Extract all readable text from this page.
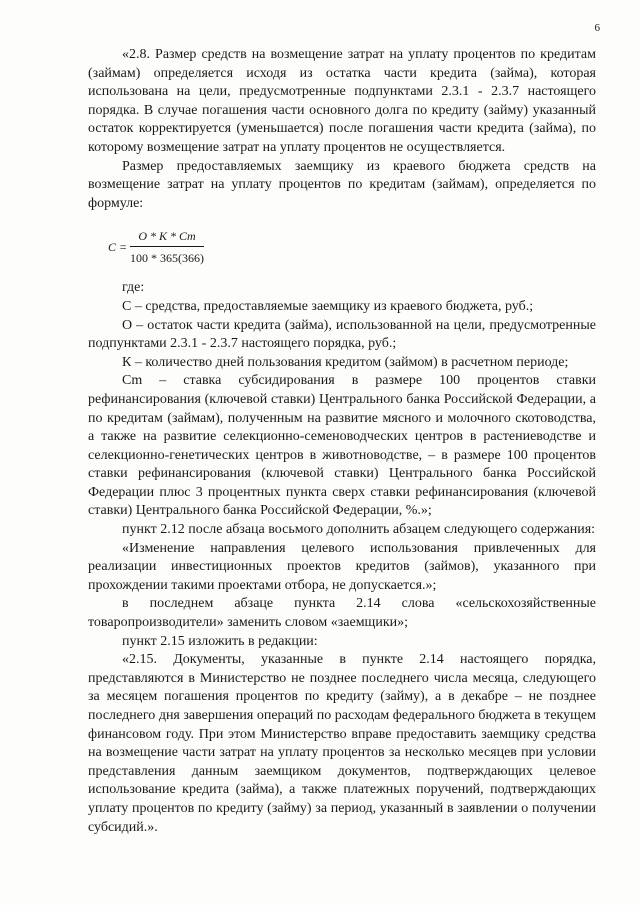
6

«2.8. Размер средств на возмещение затрат на уплату процентов по кредитам (займам) определяется исходя из остатка части кредита (займа), которая использована на цели, предусмотренные подпунктами 2.3.1 - 2.3.7 настоящего порядка. В случае погашения части основного долга по кредиту (займу) указанный остаток корректируется (уменьшается) после погашения части кредита (займа), по которому возмещение затрат на уплату процентов не осуществляется.

Размер предоставляемых заемщику из краевого бюджета средств на возмещение затрат на уплату процентов по кредитам (займам), определяется по формуле:

$C = \frac{O * K * Cm}{100 * 365(366)}$

где:

С – средства, предоставляемые заемщику из краевого бюджета, руб.;

О – остаток части кредита (займа), использованной на цели, предусмотренные подпунктами 2.3.1 - 2.3.7 настоящего порядка, руб.;

К – количество дней пользования кредитом (займом) в расчетном периоде;

Сm – ставка субсидирования в размере 100 процентов ставки рефинансирования (ключевой ставки) Центрального банка Российской Федерации, а по кредитам (займам), полученным на развитие мясного и молочного скотоводства, а также на развитие селекционно-семеноводческих центров в растениеводстве и селекционно-генетических центров в животноводстве, – в размере 100 процентов ставки рефинансирования (ключевой ставки) Центрального банка Российской Федерации плюс 3 процентных пункта сверх ставки рефинансирования (ключевой ставки) Центрального банка Российской Федерации, %.»;

пункт 2.12 после абзаца восьмого дополнить абзацем следующего содержания:

«Изменение направления целевого использования привлеченных для реализации инвестиционных проектов кредитов (займов), указанного при прохождении такими проектами отбора, не допускается.»;

в последнем абзаце пункта 2.14 слова «сельскохозяйственные товаропроизводители» заменить словом «заемщики»;

пункт 2.15 изложить в редакции:

«2.15. Документы, указанные в пункте 2.14 настоящего порядка, представляются в Министерство не позднее последнего числа месяца, следующего за месяцем погашения процентов по кредиту (займу), а в декабре – не позднее последнего дня завершения операций по расходам федерального бюджета в текущем финансовом году. При этом Министерство вправе предоставить заемщику средства на возмещение части затрат на уплату процентов за несколько месяцев при условии представления данным заемщиком документов, подтверждающих целевое использование кредита (займа), а также платежных поручений, подтверждающих уплату процентов по кредиту (займу) за период, указанный в заявлении о получении субсидий.».
